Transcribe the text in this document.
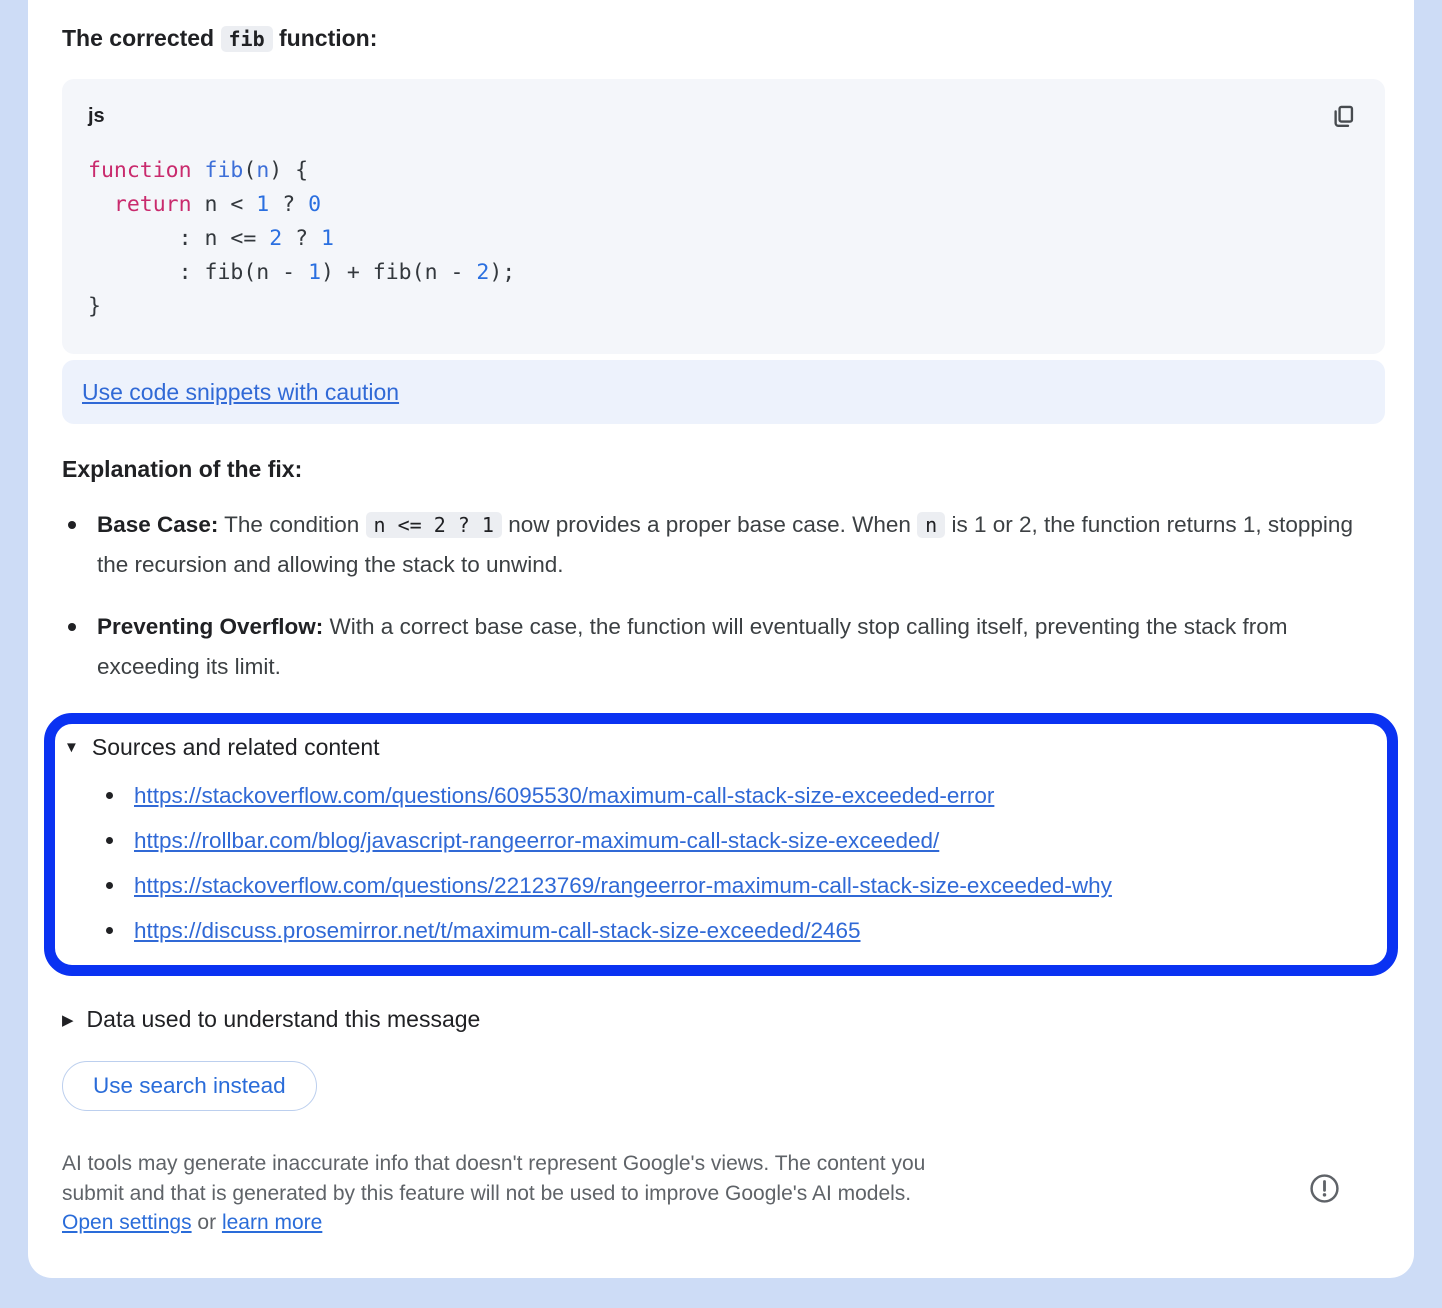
The corrected fib function:
js
function fib(n) {
return n < 1 ? 0
: n <= 2 ? 1
: fib(n - 1) + fib(n - 2);
}
Use code snippets with caution

Explanation of the fix:

Base Case: The condition n <= 2 ? 1 now provides a proper base case. When n is 1 or 2, the function returns 1, stopping the recursion and allowing the stack to unwind.
Preventing Overflow: With a correct base case, the function will eventually stop calling itself, preventing the stack from exceeding its limit.
▼ Sources and related content
https://stackoverflow.com/questions/6095530/maximum-call-stack-size-exceeded-error
https://rollbar.com/blog/javascript-rangeerror-maximum-call-stack-size-exceeded/
https://stackoverflow.com/questions/22123769/rangeerror-maximum-call-stack-size-exceeded-why
https://discuss.prosemirror.net/t/maximum-call-stack-size-exceeded/2465
▶ Data used to understand this message
Use search instead

AI tools may generate inaccurate info that doesn't represent Google's views. The content you
submit and that is generated by this feature will not be used to improve Google's AI models.
Open settings or learn more
